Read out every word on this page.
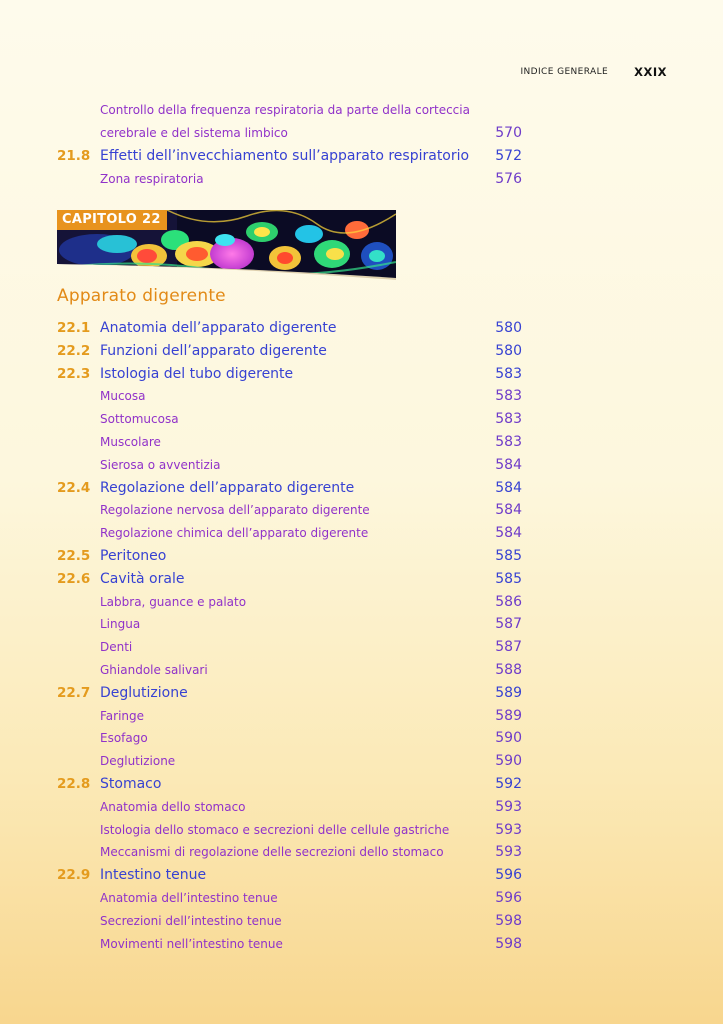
INDICE GENERALE XXIX
Controllo della frequenza respiratoria da parte della corteccia
cerebrale e del sistema limbico	570
21.8 Effetti dell’invecchiamento sull’apparato respiratorio 572
Zona respiratoria	576
CAPITOLO 22
Apparato digerente
22.1 Anatomia dell’apparato digerente	580
22.2 Funzioni dell’apparato digerente	580
22.3 Istologia del tubo digerente	583
Mucosa	583
Sottomucosa	583
Muscolare	583
Sierosa o avventizia	584
22.4 Regolazione dell’apparato digerente	584
Regolazione nervosa dell’apparato digerente	584
Regolazione chimica dell’apparato digerente	584
22.5 Peritoneo	585
22.6 Cavità orale	585
Labbra, guance e palato	586
Lingua	587
Denti	587
Ghiandole salivari	588
22.7 Deglutizione	589
Faringe	589
Esofago	590
Deglutizione	590
22.8 Stomaco	592
Anatomia dello stomaco	593
Istologia dello stomaco e secrezioni delle cellule gastriche	593
Meccanismi di regolazione delle secrezioni dello stomaco	593
22.9 Intestino tenue	596
Anatomia dell’intestino tenue	596
Secrezioni dell’intestino tenue	598
Movimenti nell’intestino tenue	598
